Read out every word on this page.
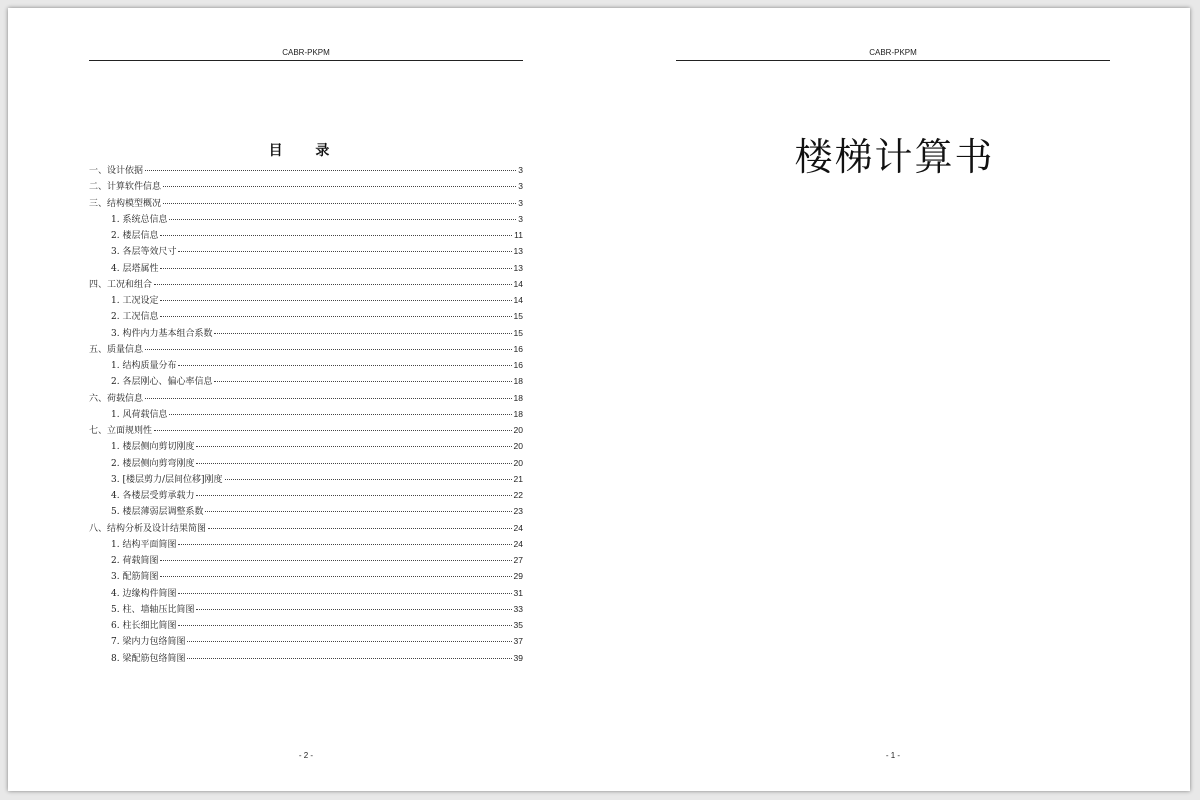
CABR-PKPM
目 录
一、设计依据	3
二、计算软件信息	3
三、结构模型概况	3
1. 系统总信息	3
2. 楼层信息	11
3. 各层等效尺寸	13
4. 层塔属性	13
四、工况和组合	14
1. 工况设定	14
2. 工况信息	15
3. 构件内力基本组合系数	15
五、质量信息	16
1. 结构质量分布	16
2. 各层刚心、偏心率信息	18
六、荷载信息	18
1. 风荷载信息	18
七、立面规则性	20
1. 楼层侧向剪切刚度	20
2. 楼层侧向剪弯刚度	20
3. [楼层剪力/层间位移]刚度	21
4. 各楼层受剪承载力	22
5. 楼层薄弱层调整系数	23
八、结构分析及设计结果简图	24
1. 结构平面简图	24
2. 荷载简图	27
3. 配筋简图	29
4. 边缘构件简图	31
5. 柱、墙轴压比简图	33
6. 柱长细比简图	35
7. 梁内力包络简图	37
8. 梁配筋包络简图	39
- 2 -
CABR-PKPM
楼梯计算书
- 1 -
